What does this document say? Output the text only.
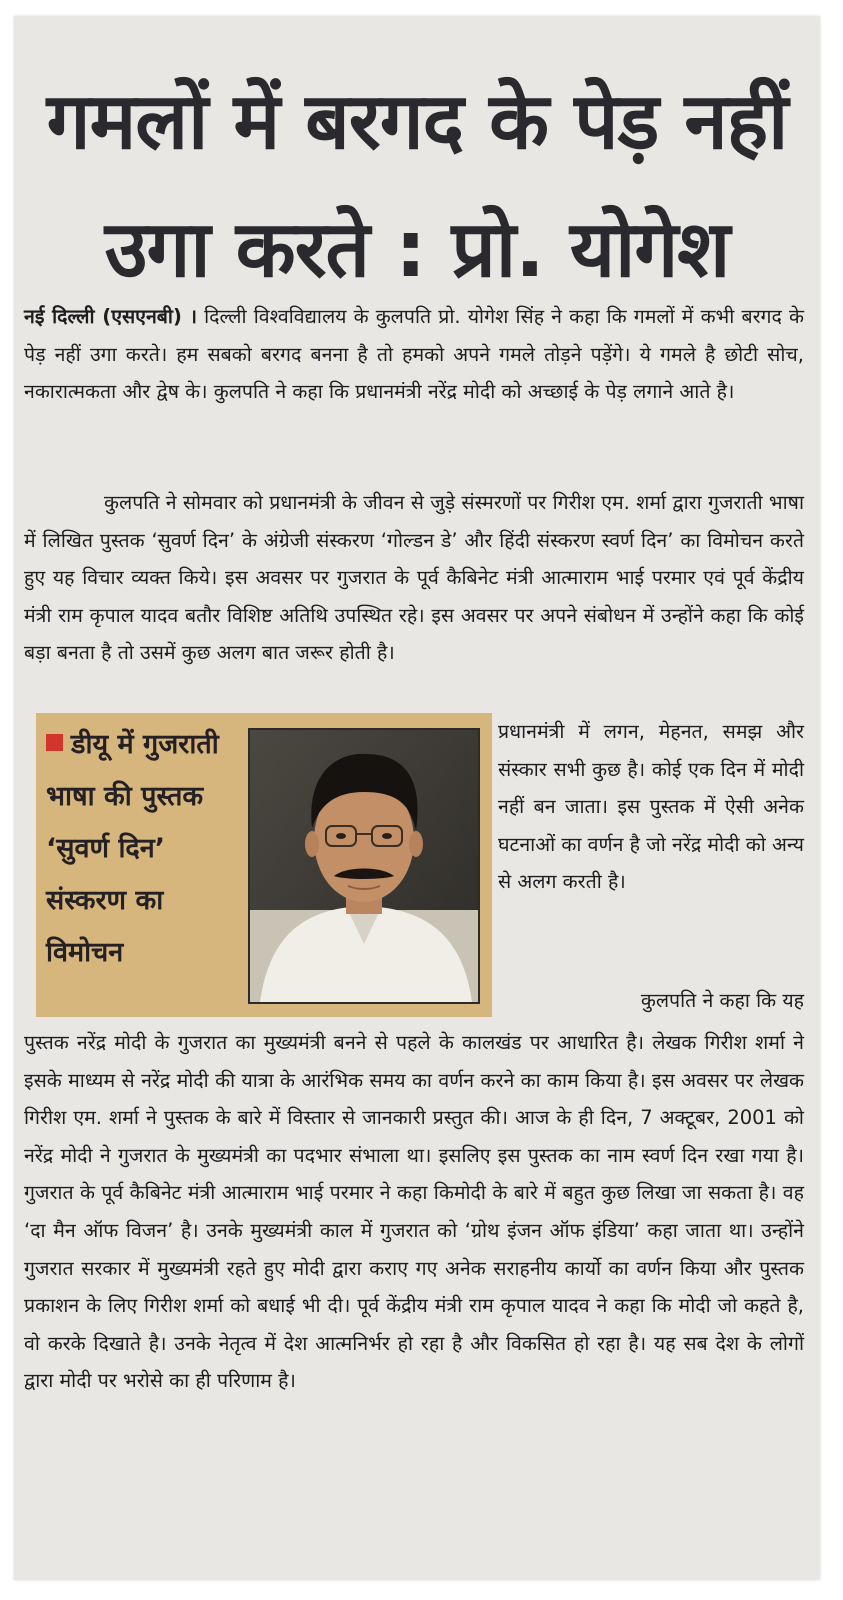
गमलों में बरगद के पेड़ नहीं
उगा करते : प्रो. योगेश

नई दिल्ली (एसएनबी) । दिल्ली विश्वविद्यालय के कुलपति प्रो. योगेश सिंह ने कहा कि गमलों में कभी बरगद के पेड़ नहीं उगा करते। हम सबको बरगद बनना है तो हमको अपने गमले तोड़ने पड़ेंगे। ये गमले है छोटी सोच, नकारात्मकता और द्वेष के। कुलपति ने कहा कि प्रधानमंत्री नरेंद्र मोदी को अच्छाई के पेड़ लगाने आते है।

कुलपति ने सोमवार को प्रधानमंत्री के जीवन से जुड़े संस्मरणों पर गिरीश एम. शर्मा द्वारा गुजराती भाषा में लिखित पुस्तक ‘सुवर्ण दिन’ के अंग्रेजी संस्करण ‘गोल्डन डे’ और हिंदी संस्करण स्वर्ण दिन’ का विमोचन करते हुए यह विचार व्यक्त किये। इस अवसर पर गुजरात के पूर्व कैबिनेट मंत्री आत्माराम भाई परमार एवं पूर्व केंद्रीय मंत्री राम कृपाल यादव बतौर विशिष्ट अतिथि उपस्थित रहे। इस अवसर पर अपने संबोधन में उन्होंने कहा कि कोई बड़ा बनता है तो उसमें कुछ अलग बात जरूर होती है।

डीयू में गुजराती भाषा की पुस्तक ‘सुवर्ण दिन’ संस्करण का विमोचन

प्रधानमंत्री में लगन, मेहनत, समझ और संस्कार सभी कुछ है। कोई एक दिन में मोदी नहीं बन जाता। इस पुस्तक में ऐसी अनेक घटनाओं का वर्णन है जो नरेंद्र मोदी को अन्य से अलग करती है।

कुलपति ने कहा कि यह

पुस्तक नरेंद्र मोदी के गुजरात का मुख्यमंत्री बनने से पहले के कालखंड पर आधारित है। लेखक गिरीश शर्मा ने इसके माध्यम से नरेंद्र मोदी की यात्रा के आरंभिक समय का वर्णन करने का काम किया है। इस अवसर पर लेखक गिरीश एम. शर्मा ने पुस्तक के बारे में विस्तार से जानकारी प्रस्तुत की। आज के ही दिन, 7 अक्टूबर, 2001 को नरेंद्र मोदी ने गुजरात के मुख्यमंत्री का पदभार संभाला था। इसलिए इस पुस्तक का नाम स्वर्ण दिन रखा गया है। गुजरात के पूर्व कैबिनेट मंत्री आत्माराम भाई परमार ने कहा किमोदी के बारे में बहुत कुछ लिखा जा सकता है। वह ‘दा मैन ऑफ विजन’ है। उनके मुख्यमंत्री काल में गुजरात को ‘ग्रोथ इंजन ऑफ इंडिया’ कहा जाता था। उन्होंने गुजरात सरकार में मुख्यमंत्री रहते हुए मोदी द्वारा कराए गए अनेक सराहनीय कार्यो का वर्णन किया और पुस्तक प्रकाशन के लिए गिरीश शर्मा को बधाई भी दी। पूर्व केंद्रीय मंत्री राम कृपाल यादव ने कहा कि मोदी जो कहते है, वो करके दिखाते है। उनके नेतृत्व में देश आत्मनिर्भर हो रहा है और विकसित हो रहा है। यह सब देश के लोगों द्वारा मोदी पर भरोसे का ही परिणाम है।
